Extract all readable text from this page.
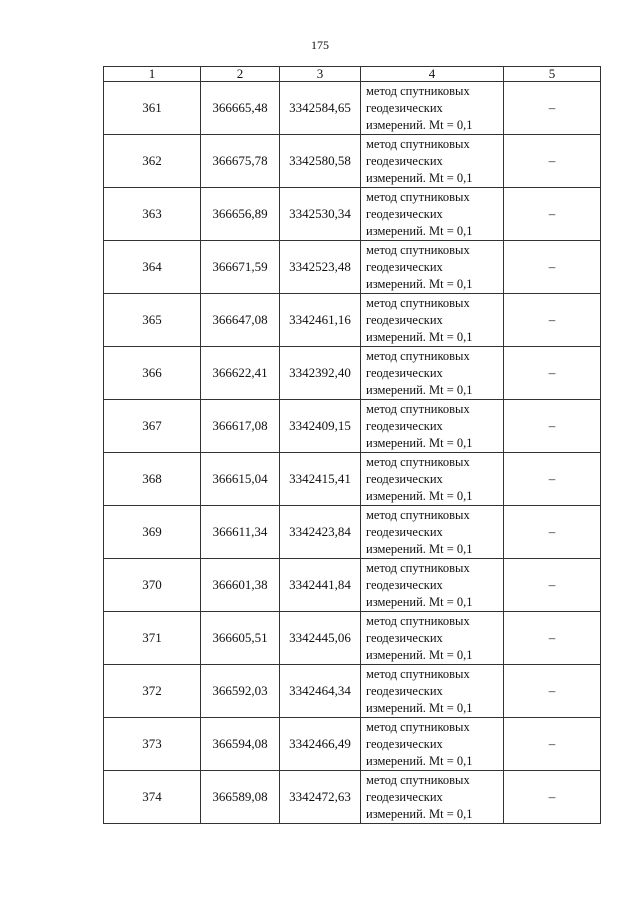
175
1	2	3	4	5
361	366665,48	3342584,65	метод спутниковых
геодезических
измерений. Mt = 0,1	–
362	366675,78	3342580,58	метод спутниковых
геодезических
измерений. Mt = 0,1	–
363	366656,89	3342530,34	метод спутниковых
геодезических
измерений. Mt = 0,1	–
364	366671,59	3342523,48	метод спутниковых
геодезических
измерений. Mt = 0,1	–
365	366647,08	3342461,16	метод спутниковых
геодезических
измерений. Mt = 0,1	–
366	366622,41	3342392,40	метод спутниковых
геодезических
измерений. Mt = 0,1	–
367	366617,08	3342409,15	метод спутниковых
геодезических
измерений. Mt = 0,1	–
368	366615,04	3342415,41	метод спутниковых
геодезических
измерений. Mt = 0,1	–
369	366611,34	3342423,84	метод спутниковых
геодезических
измерений. Mt = 0,1	–
370	366601,38	3342441,84	метод спутниковых
геодезических
измерений. Mt = 0,1	–
371	366605,51	3342445,06	метод спутниковых
геодезических
измерений. Mt = 0,1	–
372	366592,03	3342464,34	метод спутниковых
геодезических
измерений. Mt = 0,1	–
373	366594,08	3342466,49	метод спутниковых
геодезических
измерений. Mt = 0,1	–
374	366589,08	3342472,63	метод спутниковых
геодезических
измерений. Mt = 0,1	–
